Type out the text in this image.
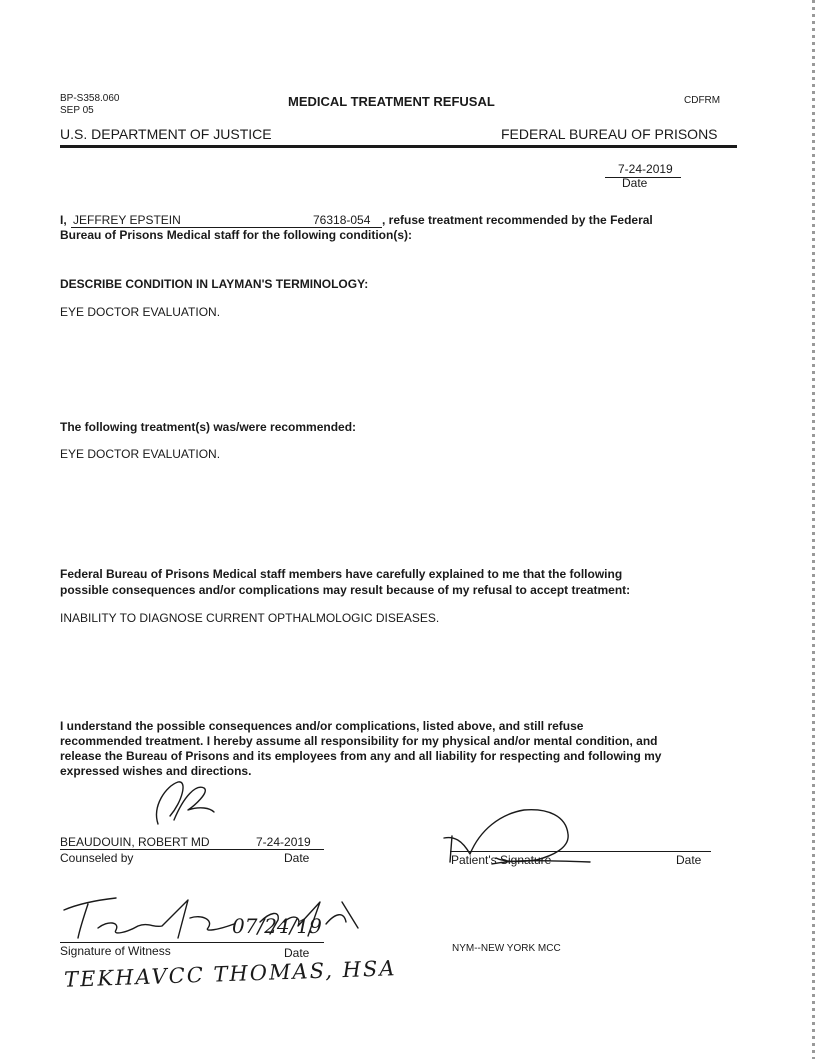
BP-S358.060
SEP 05
MEDICAL TREATMENT REFUSAL	CDFRM
U.S. DEPARTMENT OF JUSTICE	FEDERAL BUREAU OF PRISONS
7-24-2019
Date
I, JEFFREY EPSTEIN	76318-054 , refuse treatment recommended by the Federal
Bureau of Prisons Medical staff for the following condition(s):
DESCRIBE CONDITION IN LAYMAN'S TERMINOLOGY:
EYE DOCTOR EVALUATION.
The following treatment(s) was/were recommended:
EYE DOCTOR EVALUATION.
Federal Bureau of Prisons Medical staff members have carefully explained to me that the following
possible consequences and/or complications may result because of my refusal to accept treatment:
INABILITY TO DIAGNOSE CURRENT OPTHALMOLOGIC DISEASES.
I understand the possible consequences and/or complications, listed above, and still refuse
recommended treatment. I hereby assume all responsibility for my physical and/or mental condition, and
release the Bureau of Prisons and its employees from any and all liability for respecting and following my
expressed wishes and directions.
BEAUDOUIN, ROBERT MD	7-24-2019
Counseled by	Date	Patient's Signature	Date
07/24/19
Signature of Witness	Date
TEKHAVCC THOMAS, HSA
NYM--NEW YORK MCC
